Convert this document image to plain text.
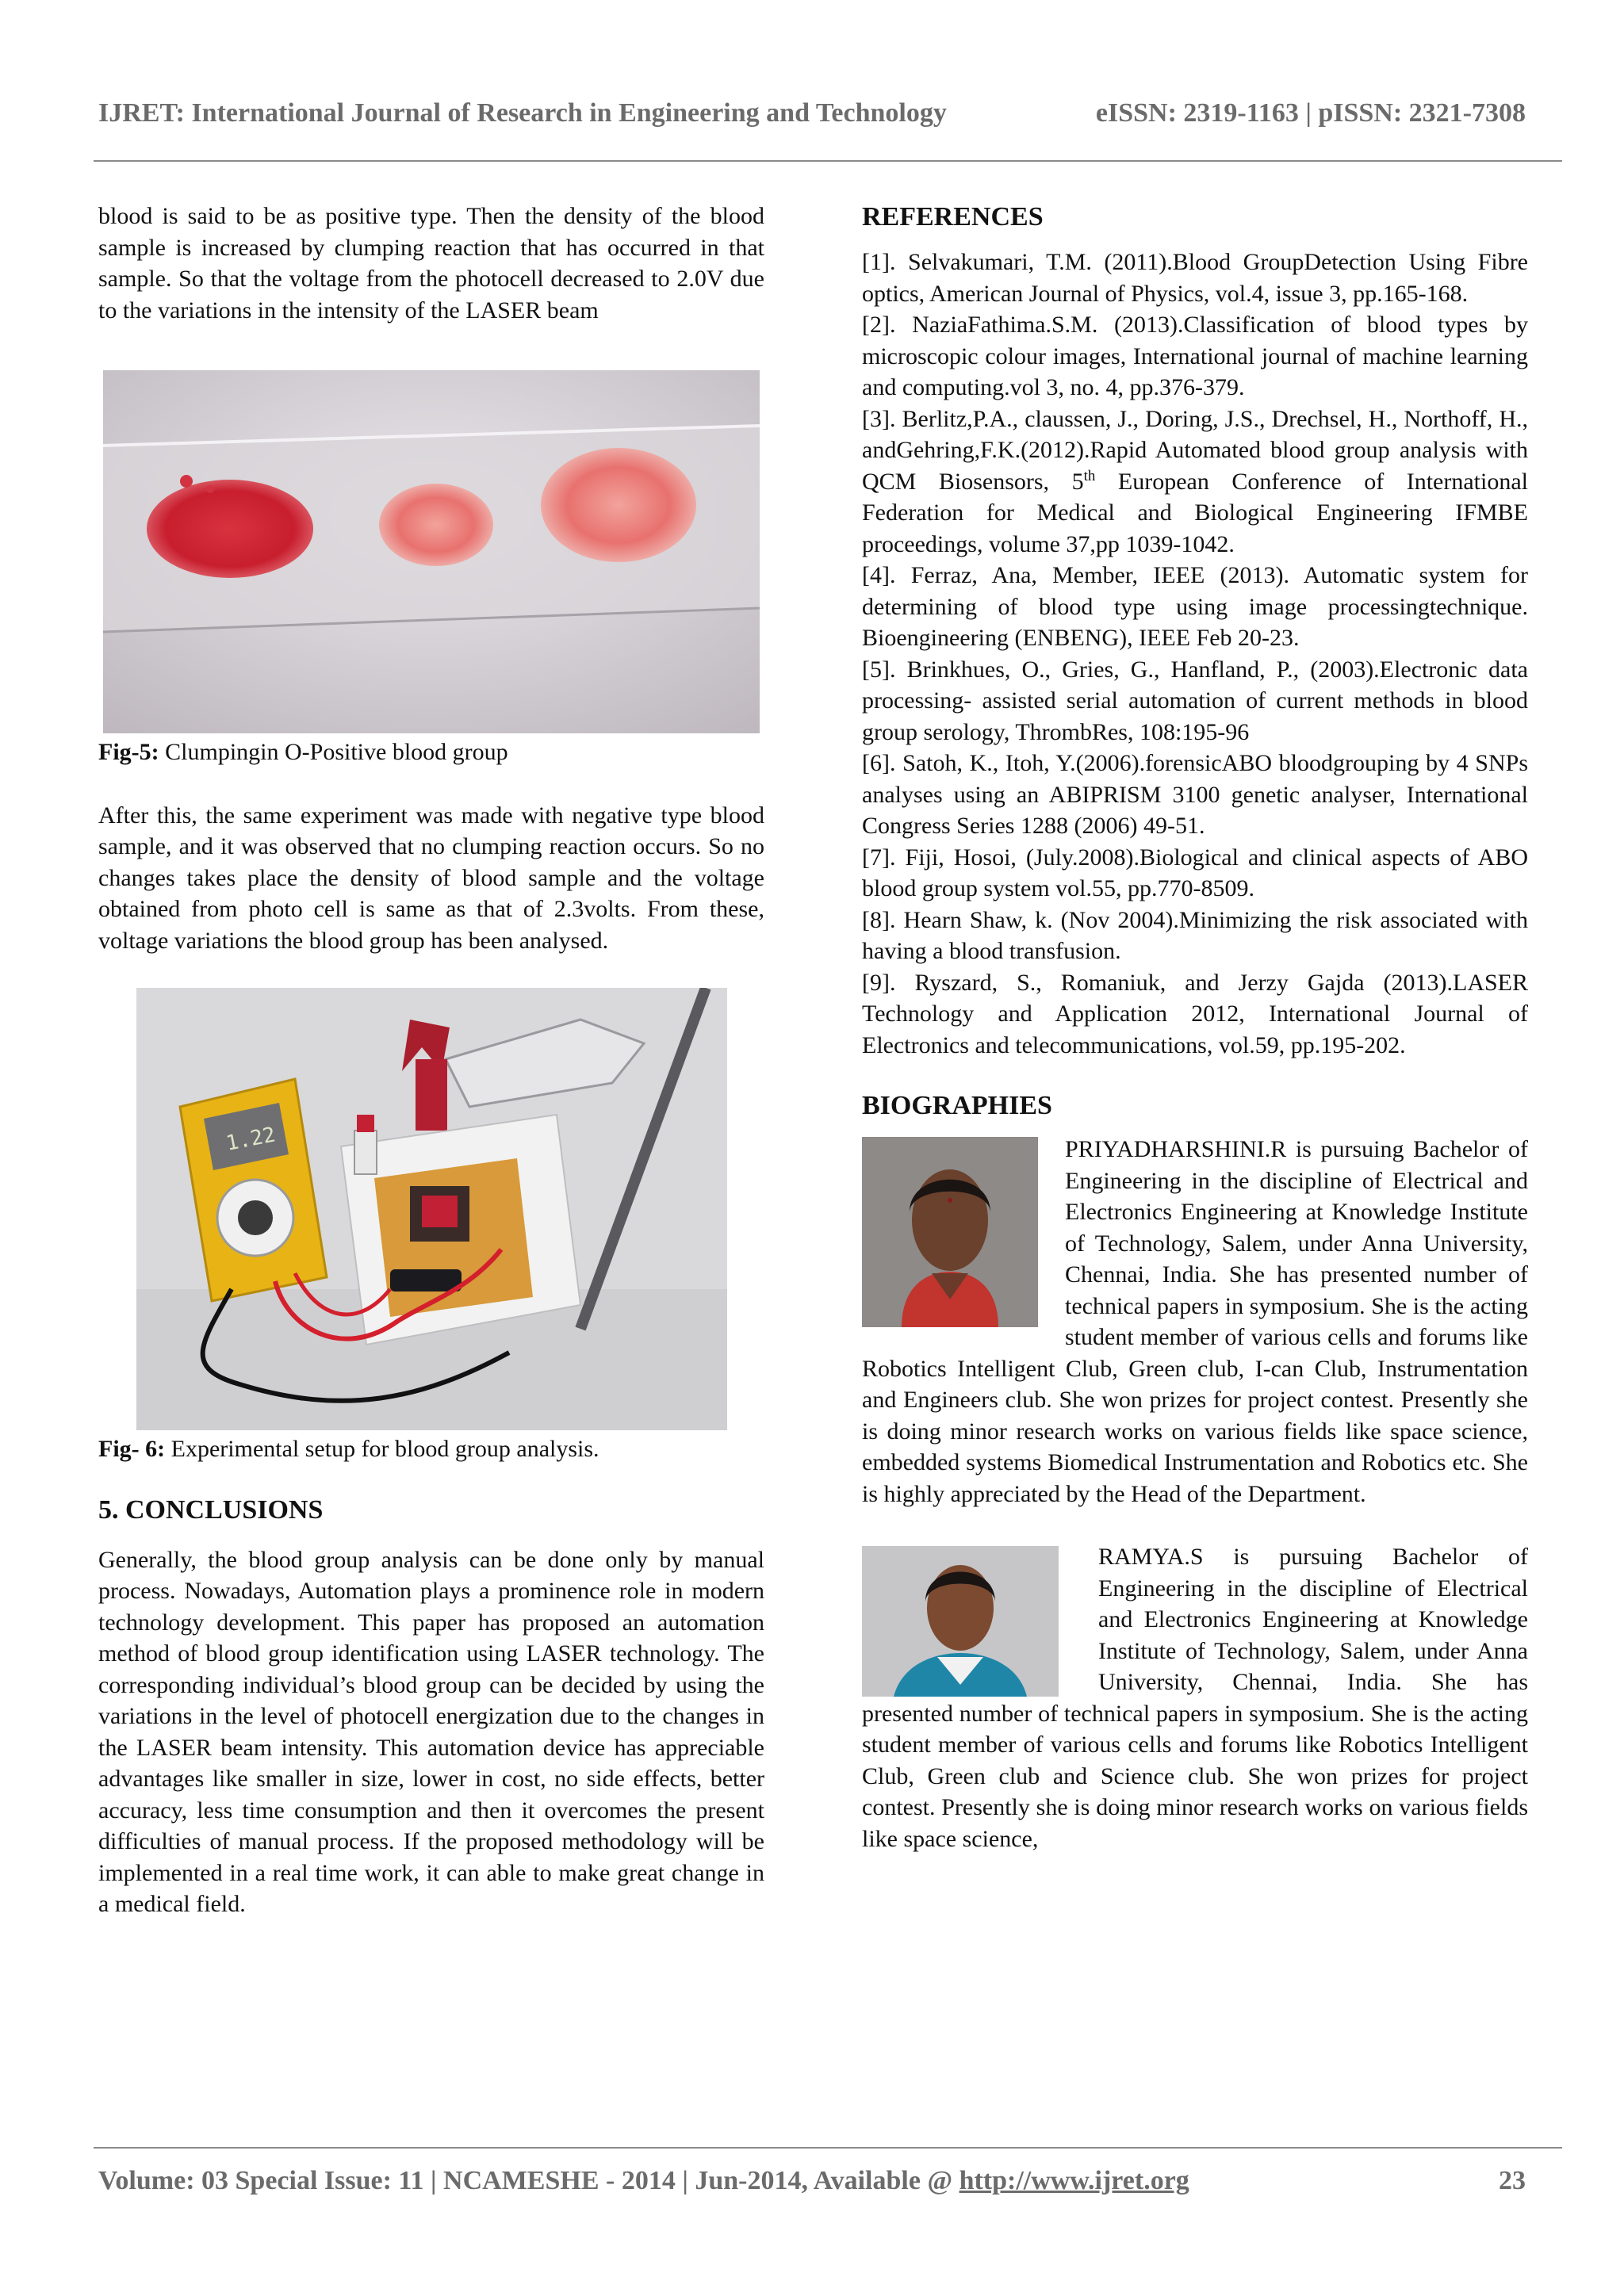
IJRET: International Journal of Research in Engineering and Technology	eISSN: 2319-1163 | pISSN: 2321-7308

blood is said to be as positive type. Then the density of the blood sample is increased by clumping reaction that has occurred in that sample. So that the voltage from the photocell decreased to 2.0V due to the variations in the intensity of the LASER beam

Fig-5: Clumpingin O-Positive blood group

After this, the same experiment was made with negative type blood sample, and it was observed that no clumping reaction occurs. So no changes takes place the density of blood sample and the voltage obtained from photo cell is same as that of 2.3volts. From these, voltage variations the blood group has been analysed.

1.22

Fig- 6: Experimental setup for blood group analysis.

5. CONCLUSIONS

Generally, the blood group analysis can be done only by manual process. Nowadays, Automation plays a prominence role in modern technology development. This paper has proposed an automation method of blood group identification using LASER technology. The corresponding individual’s blood group can be decided by using the variations in the level of photocell energization due to the changes in the LASER beam intensity. This automation device has appreciable advantages like smaller in size, lower in cost, no side effects, better accuracy, less time consumption and then it overcomes the present difficulties of manual process. If the proposed methodology will be implemented in a real time work, it can able to make great change in a medical field.

REFERENCES

[1]. Selvakumari, T.M. (2011).Blood GroupDetection Using Fibre optics, American Journal of Physics, vol.4, issue 3, pp.165-168.

[2]. NaziaFathima.S.M. (2013).Classification of blood types by microscopic colour images, International journal of machine learning and computing.vol 3, no. 4, pp.376-379.

[3]. Berlitz,P.A., claussen, J., Doring, J.S., Drechsel, H., Northoff, H., andGehring,F.K.(2012).Rapid Automated blood group analysis with QCM Biosensors, 5th European Conference of International Federation for Medical and Biological Engineering IFMBE proceedings, volume 37,pp 1039-1042.

[4]. Ferraz, Ana, Member, IEEE (2013). Automatic system for determining of blood type using image processingtechnique. Bioengineering (ENBENG), IEEE Feb 20-23.

[5]. Brinkhues, O., Gries, G., Hanfland, P., (2003).Electronic data processing- assisted serial automation of current methods in blood group serology, ThrombRes, 108:195-96

[6]. Satoh, K., Itoh, Y.(2006).forensicABO bloodgrouping by 4 SNPs analyses using an ABIPRISM 3100 genetic analyser, International Congress Series 1288 (2006) 49-51.

[7]. Fiji, Hosoi, (July.2008).Biological and clinical aspects of ABO blood group system vol.55, pp.770-8509.

[8]. Hearn Shaw, k. (Nov 2004).Minimizing the risk associated with having a blood transfusion.

[9]. Ryszard, S., Romaniuk, and Jerzy Gajda (2013).LASER Technology and Application 2012, International Journal of Electronics and telecommunications, vol.59, pp.195-202.

BIOGRAPHIES

PRIYADHARSHINI.R is pursuing Bachelor of Engineering in the discipline of Electrical and Electronics Engineering at Knowledge Institute of Technology, Salem, under Anna University, Chennai, India. She has presented number of technical papers in symposium. She is the acting student member of various cells and forums like Robotics Intelligent Club, Green club, I-can Club, Instrumentation and Engineers club. She won prizes for project contest. Presently she is doing minor research works on various fields like space science, embedded systems Biomedical Instrumentation and Robotics etc. She is highly appreciated by the Head of the Department.

RAMYA.S is pursuing Bachelor of Engineering in the discipline of Electrical and Electronics Engineering at Knowledge Institute of Technology, Salem, under Anna University, Chennai, India. She has presented number of technical papers in symposium. She is the acting student member of various cells and forums like Robotics Intelligent Club, Green club and Science club. She won prizes for project contest. Presently she is doing minor research works on various fields like space science,

Volume: 03 Special Issue: 11 | NCAMESHE - 2014 | Jun-2014, Available @ http://www.ijret.org	23
